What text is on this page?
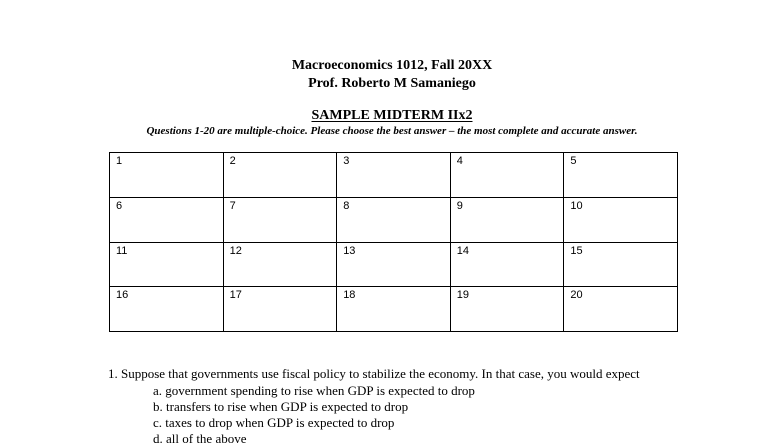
Macroeconomics 1012, Fall 20XX
Prof. Roberto M Samaniego
SAMPLE MIDTERM IIx2
Questions 1-20 are multiple-choice. Please choose the best answer – the most complete and accurate answer.
1	2	3	4	5
6	7	8	9	10
11	12	13	14	15
16	17	18	19	20
1. Suppose that governments use fiscal policy to stabilize the economy. In that case, you would expect
a. government spending to rise when GDP is expected to drop
b. transfers to rise when GDP is expected to drop
c. taxes to drop when GDP is expected to drop
d. all of the above
